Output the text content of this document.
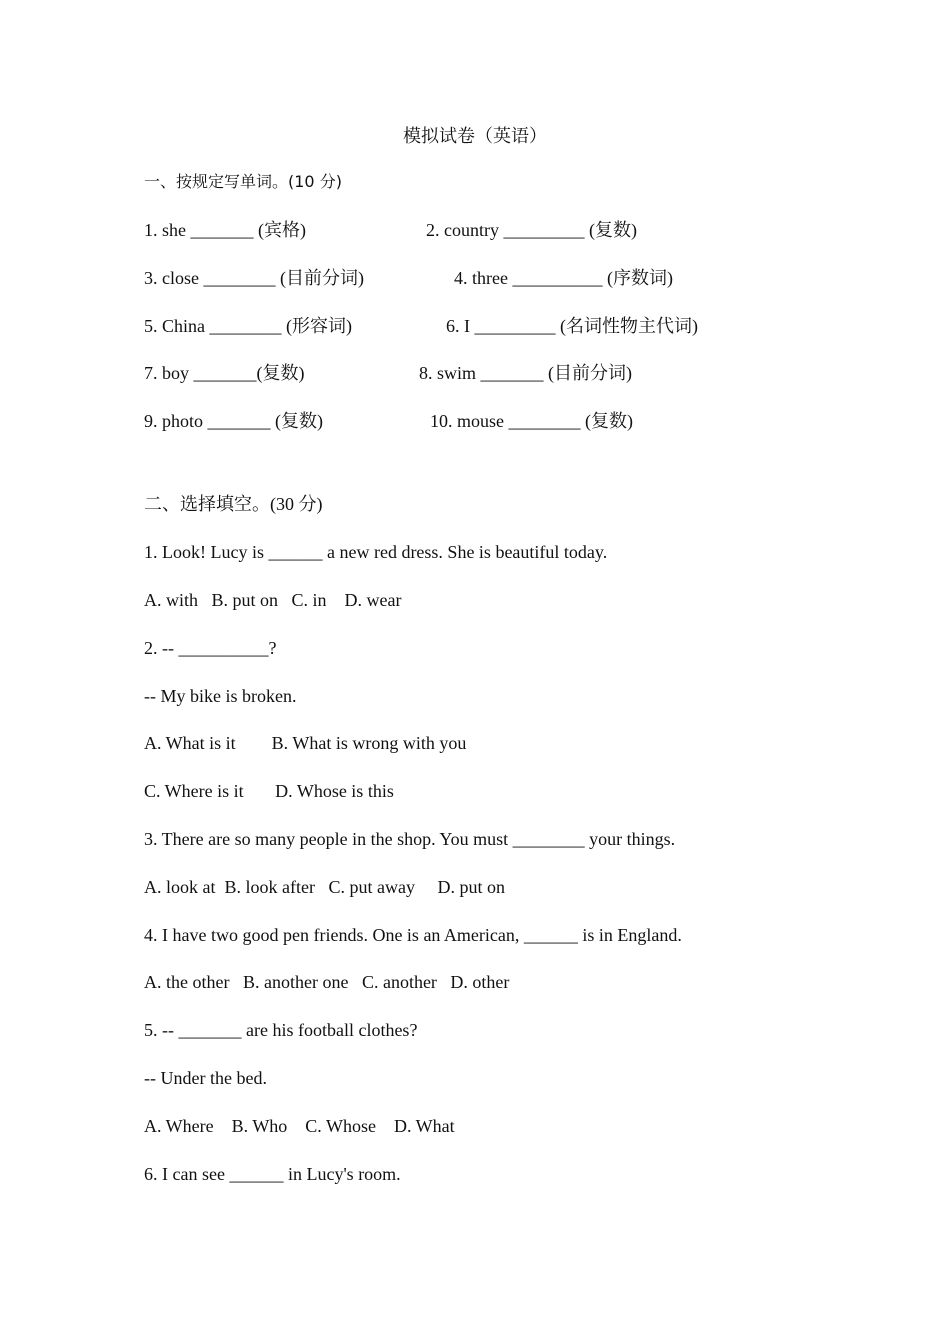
模拟试卷（英语）
一、按规定写单词。(10 分)
1. she _______ (宾格)	2. country _________ (复数)
3. close ________ (目前分词)	4. three __________ (序数词)
5. China ________ (形容词)	6. I _________ (名词性物主代词)
7. boy _______(复数)	8. swim _______ (目前分词)
9. photo _______ (复数)	10. mouse ________ (复数)
二、选择填空。(30 分)
1. Look! Lucy is ______ a new red dress. She is beautiful today.
A. with   B. put on   C. in    D. wear
2. -- __________?
-- My bike is broken.
A. What is it        B. What is wrong with you
C. Where is it       D. Whose is this
3. There are so many people in the shop. You must ________ your things.
A. look at  B. look after   C. put away     D. put on
4. I have two good pen friends. One is an American, ______ is in England.
A. the other   B. another one   C. another   D. other
5. -- _______ are his football clothes?
-- Under the bed.
A. Where    B. Who    C. Whose    D. What
6. I can see ______ in Lucy's room.
